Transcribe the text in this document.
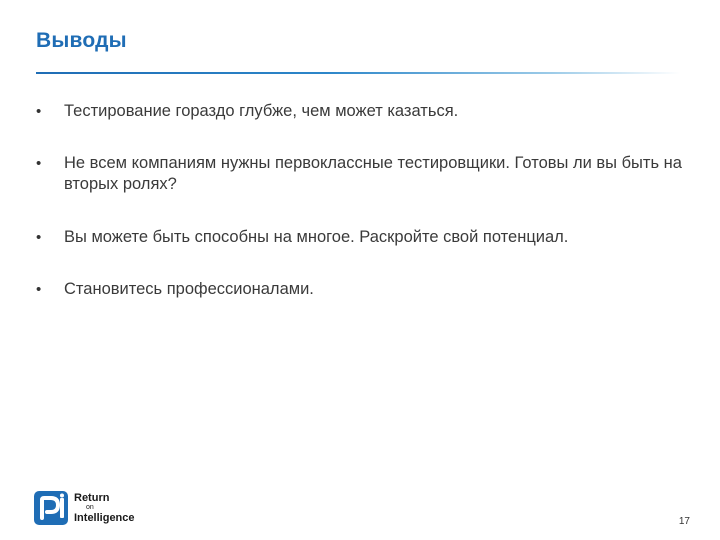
Выводы
• Тестирование гораздо глубже, чем может казаться.
• Не всем компаниям нужны первоклассные тестировщики. Готовы ли вы быть на вторых ролях?
• Вы можете быть способны на многое. Раскройте свой потенциал.
• Становитесь профессионалами.
Return
on
Intelligence	17
